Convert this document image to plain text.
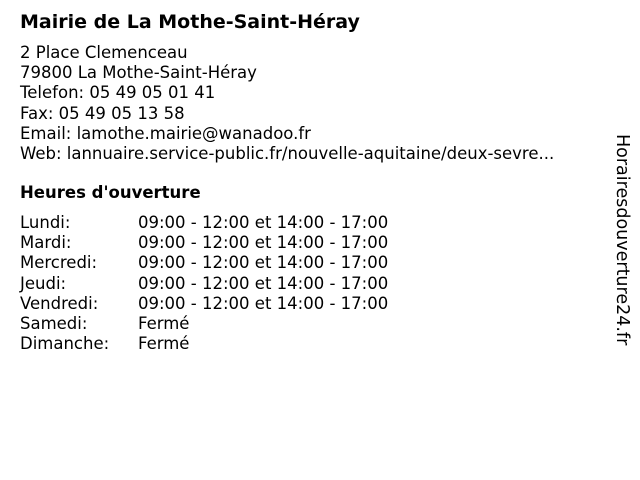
Mairie de La Mothe-Saint-Héray
2 Place Clemenceau
79800 La Mothe-Saint-Héray
Telefon: 05 49 05 01 41
Fax: 05 49 05 13 58
Email: lamothe.mairie@wanadoo.fr
Web: lannuaire.service-public.fr/nouvelle-aquitaine/deux-sevre...
Heures d'ouverture
Lundi:	09:00 - 12:00 et 14:00 - 17:00
Mardi:	09:00 - 12:00 et 14:00 - 17:00
Mercredi: 09:00 - 12:00 et 14:00 - 17:00
Jeudi:	09:00 - 12:00 et 14:00 - 17:00
Vendredi: 09:00 - 12:00 et 14:00 - 17:00
Samedi:	Fermé
Dimanche: Fermé	Horairesdouverture24.fr
